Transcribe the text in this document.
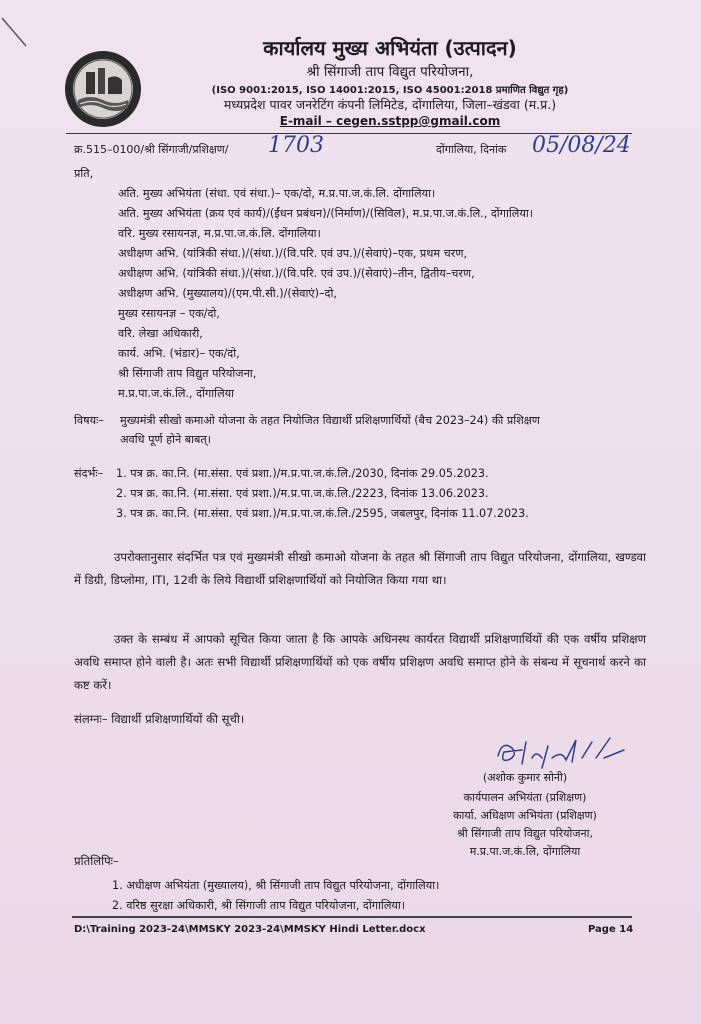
कार्यालय मुख्य अभियंता (उत्पादन)
श्री सिंगाजी ताप विद्युत परियोजना,
(ISO 9001:2015, ISO 14001:2015, ISO 45001:2018 प्रमाणित विद्युत गृह)
मध्यप्रदेश पावर जनरेटिंग कंपनी लिमिटेड, दोंगालिया, जिला–खंडवा (म.प्र.)
E-mail – cegen.sstpp@gmail.com
क्र.515–0100/श्री सिंगाजी/प्रशिक्षण/ 1703	दोंगालिया, दिनांक 05/08/24
प्रति,
अति. मुख्य अभियंता (संधा. एवं संधा.)– एक/दो, म.प्र.पा.ज.कं.लि. दोंगालिया।
अति. मुख्य अभियंता (क्रय एवं कार्य)/(ईंधन प्रबंधन)/(निर्माण)/(सिविल), म.प्र.पा.ज.कं.लि., दोंगालिया।
वरि. मुख्य रसायनज्ञ, म.प्र.पा.ज.कं.लि. दोंगालिया।
अधीक्षण अभि. (यांत्रिकी संधा.)/(संधा.)/(वि.परि. एवं उप.)/(सेवाएं)–एक, प्रथम चरण,
अधीक्षण अभि. (यांत्रिकी संधा.)/(संधा.)/(वि.परि. एवं उप.)/(सेवाएं)–तीन, द्वितीय–चरण,
अधीक्षण अभि. (मुख्यालय)/(एम.पी.सी.)/(सेवाएं)–दो,
मुख्य रसायनज्ञ – एक/दो,
वरि. लेखा अधिकारी,
कार्य. अभि. (भंडार)– एक/दो,
श्री सिंगाजी ताप विद्युत परियोजना,
म.प्र.पा.ज.कं.लि., दोंगालिया
विषयः– मुख्यमंत्री सीखो कमाओ योजना के तहत नियोजित विद्यार्थी प्रशिक्षणार्थियों (बैच 2023–24) की प्रशिक्षण
अवधि पूर्ण होने बाबत्।
संदर्भः– 1. पत्र क्र. का.नि. (मा.संसा. एवं प्रशा.)/म.प्र.पा.ज.कं.लि./2030, दिनांक 29.05.2023.
2. पत्र क्र. का.नि. (मा.संसा. एवं प्रशा.)/म.प्र.पा.ज.कं.लि./2223, दिनांक 13.06.2023.
3. पत्र क्र. का.नि. (मा.संसा. एवं प्रशा.)/म.प्र.पा.ज.कं.लि./2595, जबलपुर, दिनांक 11.07.2023.
उपरोक्तानुसार संदर्भित पत्र एवं मुख्यमंत्री सीखो कमाओ योजना के तहत श्री सिंगाजी ताप विद्युत परियोजना, दोंगालिया, खण्डवा में डिग्री, डिप्लोमा, ITI, 12वी के लिये विद्यार्थी प्रशिक्षणार्थियों को नियोजित किया गया था।
उक्त के सम्बंध में आपको सूचित किया जाता है कि आपके अधिनस्थ कार्यरत विद्यार्थी प्रशिक्षणार्थियों की एक वर्षीय प्रशिक्षण अवधि समाप्त होने वाली है। अतः सभी विद्यार्थी प्रशिक्षणार्थियों को एक वर्षीय प्रशिक्षण अवधि समाप्त होने के संबन्ध में सूचनार्थ करने का कष्ट करें।
संलग्नः– विद्यार्थी प्रशिक्षणार्थियों की सूची।
(अशोक कुमार सोनी)
कार्यपालन अभियंता (प्रशिक्षण)
कार्या. अधिक्षण अभियंता (प्रशिक्षण)
श्री सिंगाजी ताप विद्युत परियोजना,
म.प्र.पा.ज.कं.लि, दोंगालिया
प्रतिलिपिः–
1. अधीक्षण अभियंता (मुख्यालय), श्री सिंगाजी ताप विद्युत परियोजना, दोंगालिया।
2. वरिष्ठ सुरक्षा अधिकारी, श्री सिंगाजी ताप विद्युत परियोजना, दोंगालिया।
D:\Training 2023-24\MMSKY 2023-24\MMSKY Hindi Letter.docx	Page 14
